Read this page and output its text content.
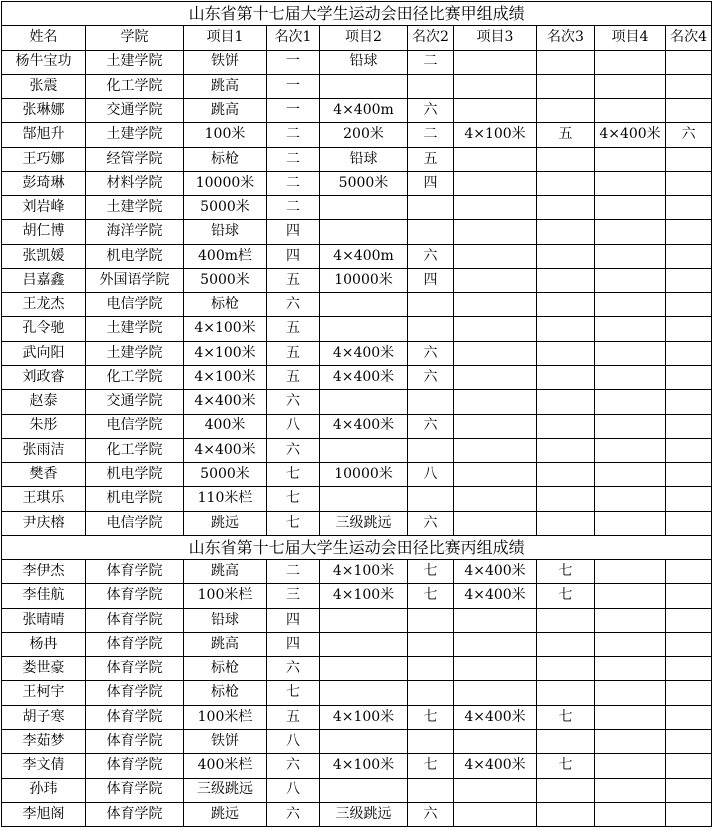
山东省第十七届大学生运动会田径比赛甲组成绩									
姓名	学院	项目1	名次1	项目2	名次2	项目3	名次3	项目4	名次4
杨牛宝功	土建学院	铁饼	一	铅球	二				
张震	化工学院	跳高	一						
张琳娜	交通学院	跳高	一	4×400m	六				
郜旭升	土建学院	100米	二	200米	二	4×100米	五	4×400米	六
王巧娜	经管学院	标枪	二	铅球	五				
彭琦琳	材料学院	10000米	二	5000米	四				
刘岩峰	土建学院	5000米	二						
胡仁博	海洋学院	铅球	四						
张凯媛	机电学院	400m栏	四	4×400m	六				
吕嘉鑫	外国语学院	5000米	五	10000米	四				
王龙杰	电信学院	标枪	六						
孔令驰	土建学院	4×100米	五						
武向阳	土建学院	4×100米	五	4×400米	六				
刘政睿	化工学院	4×100米	五	4×400米	六				
赵泰	交通学院	4×400米	六						
朱彤	电信学院	400米	八	4×400米	六				
张雨洁	化工学院	4×400米	六						
樊香	机电学院	5000米	七	10000米	八				
王琪乐	机电学院	110米栏	七						
尹庆榕	电信学院	跳远	七	三级跳远	六				
山东省第十七届大学生运动会田径比赛丙组成绩									
李伊杰	体育学院	跳高	二	4×100米	七	4×400米	七		
李佳航	体育学院	100米栏	三	4×100米	七	4×400米	七		
张晴晴	体育学院	铅球	四						
杨冉	体育学院	跳高	四						
娄世豪	体育学院	标枪	六						
王柯宇	体育学院	标枪	七						
胡子寒	体育学院	100米栏	五	4×100米	七	4×400米	七		
李茹梦	体育学院	铁饼	八						
李文倩	体育学院	400米栏	六	4×100米	七	4×400米	七		
孙玮	体育学院	三级跳远	八						
李旭阁	体育学院	跳远	六	三级跳远	六				
